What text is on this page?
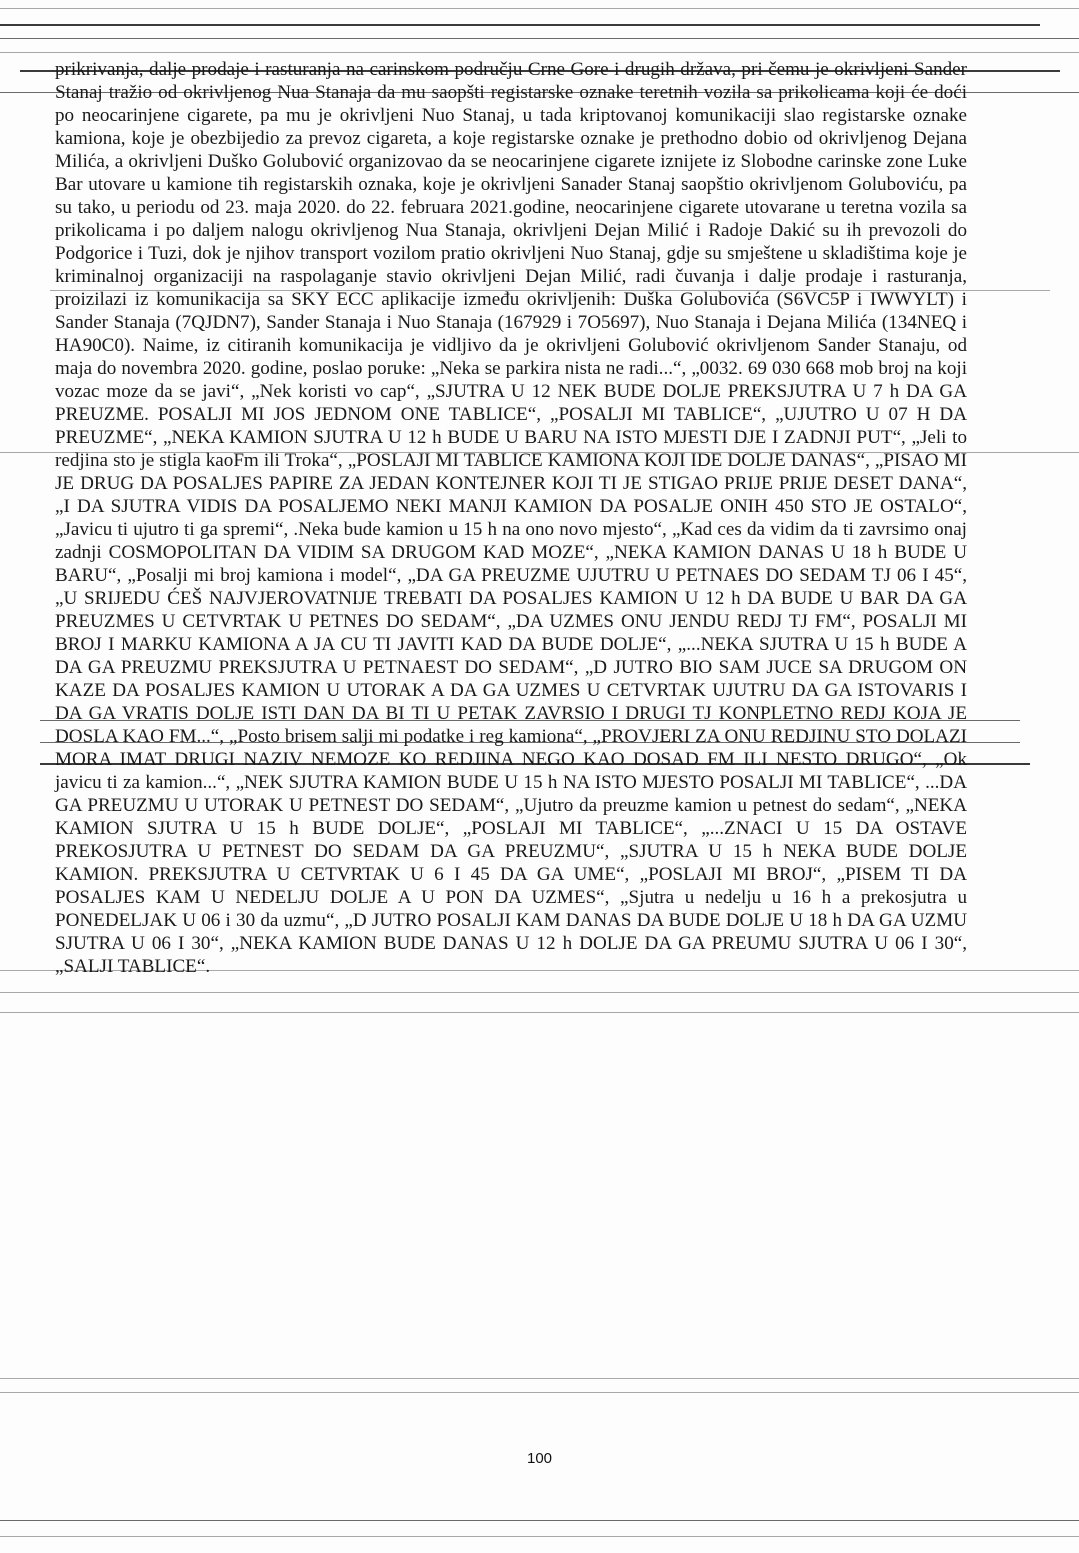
prikrivanja, dalje prodaje i rasturanja na carinskom području Crne Gore i drugih država, pri čemu je okrivljeni Sander Stanaj tražio od okrivljenog Nua Stanaja da mu saopšti registarske oznake teretnih vozila sa prikolicama koji će doći po neocarinjene cigarete, pa mu je okrivljeni Nuo Stanaj, u tada kriptovanoj komunikaciji slao registarske oznake kamiona, koje je obezbijedio za prevoz cigareta, a koje registarske oznake je prethodno dobio od okrivljenog Dejana Milića, a okrivljeni Duško Golubović organizovao da se neocarinjene cigarete iznijete iz Slobodne carinske zone Luke Bar utovare u kamione tih registarskih oznaka, koje je okrivljeni Sanader Stanaj saopštio okrivljenom Goluboviću, pa su tako, u periodu od 23. maja 2020. do 22. februara 2021.godine, neocarinjene cigarete utovarane u teretna vozila sa prikolicama i po daljem nalogu okrivljenog Nua Stanaja, okrivljeni Dejan Milić i Radoje Dakić su ih prevozoli do Podgorice i Tuzi, dok je njihov transport vozilom pratio okrivljeni Nuo Stanaj, gdje su smještene u skladištima koje je kriminalnoj organizaciji na raspolaganje stavio okrivljeni Dejan Milić, radi čuvanja i dalje prodaje i rasturanja, proizilazi iz komunikacija sa SKY ECC aplikacije između okrivljenih: Duška Golubovića (S6VC5P i IWWYLT) i Sander Stanaja (7QJDN7), Sander Stanaja i Nuo Stanaja (167929 i 7O5697), Nuo Stanaja i Dejana Milića (134NEQ i HA90C0). Naime, iz citiranih komunikacija je vidljivo da je okrivljeni Golubović okrivljenom Sander Stanaju, od maja do novembra 2020. godine, poslao poruke: „Neka se parkira nista ne radi...“, „0032. 69 030 668 mob broj na koji vozac moze da se javi“, „Nek koristi vo cap“, „SJUTRA U 12 NEK BUDE DOLJE PREKSJUTRA U 7 h DA GA PREUZME. POSALJI MI JOS JEDNOM ONE TABLICE“, „POSALJI MI TABLICE“, „UJUTRO U 07 H DA PREUZME“, „NEKA KAMION SJUTRA U 12 h BUDE U BARU NA ISTO MJESTI DJE I ZADNJI PUT“, „Jeli to redjina sto je stigla kaoFm ili Troka“, „POSLAJI MI TABLICE KAMIONA KOJI IDE DOLJE DANAS“, „PISAO MI JE DRUG DA POSALJES PAPIRE ZA JEDAN KONTEJNER KOJI TI JE STIGAO PRIJE PRIJE DESET DANA“, „I DA SJUTRA VIDIS DA POSALJEMO NEKI MANJI KAMION DA POSALJE ONIH 450 STO JE OSTALO“, „Javicu ti ujutro ti ga spremi“, .Neka bude kamion u 15 h na ono novo mjesto“, „Kad ces da vidim da ti zavrsimo onaj zadnji COSMOPOLITAN DA VIDIM SA DRUGOM KAD MOZE“, „NEKA KAMION DANAS U 18 h BUDE U BARU“, „Posalji mi broj kamiona i model“, „DA GA PREUZME UJUTRU U PETNAES DO SEDAM TJ 06 I 45“, „U SRIJEDU ĆEŠ NAJVJEROVATNIJE TREBATI DA POSALJES KAMION U 12 h DA BUDE U BAR DA GA PREUZMES U CETVRTAK U PETNES DO SEDAM“, „DA UZMES ONU JENDU REDJ TJ FM“, POSALJI MI BROJ I MARKU KAMIONA A JA CU TI JAVITI KAD DA BUDE DOLJE“, „...NEKA SJUTRA U 15 h BUDE A DA GA PREUZMU PREKSJUTRA U PETNAEST DO SEDAM“, „D JUTRO BIO SAM JUCE SA DRUGOM ON KAZE DA POSALJES KAMION U UTORAK A DA GA UZMES U CETVRTAK UJUTRU DA GA ISTOVARIS I DA GA VRATIS DOLJE ISTI DAN DA BI TI U PETAK ZAVRSIO I DRUGI TJ KONPLETNO REDJ KOJA JE DOSLA KAO FM...“, „Posto brisem salji mi podatke i reg kamiona“, „PROVJERI ZA ONU REDJINU STO DOLAZI MORA IMAT DRUGI NAZIV NEMOZE KO REDJINA NEGO KAO DOSAD FM ILI NESTO DRUGO“, „Ok javicu ti za kamion...“, „NEK SJUTRA KAMION BUDE U 15 h NA ISTO MJESTO POSALJI MI TABLICE“, ...DA GA PREUZMU U UTORAK U PETNEST DO SEDAM“, „Ujutro da preuzme kamion u petnest do sedam“, „NEKA KAMION SJUTRA U 15 h BUDE DOLJE“, „POSLAJI MI TABLICE“, „...ZNACI U 15 DA OSTAVE PREKOSJUTRA U PETNEST DO SEDAM DA GA PREUZMU“, „SJUTRA U 15 h NEKA BUDE DOLJE KAMION. PREKSJUTRA U CETVRTAK U 6 I 45 DA GA UME“, „POSLAJI MI BROJ“, „PISEM TI DA POSALJES KAM U NEDELJU DOLJE A U PON DA UZMES“, „Sjutra u nedelju u 16 h a prekosjutra u PONEDELJAK U 06 i 30 da uzmu“, „D JUTRO POSALJI KAM DANAS DA BUDE DOLJE U 18 h DA GA UZMU SJUTRA U 06 I 30“, „NEKA KAMION BUDE DANAS U 12 h DOLJE DA GA PREUMU SJUTRA U 06 I 30“, „SALJI TABLICE“.

100
